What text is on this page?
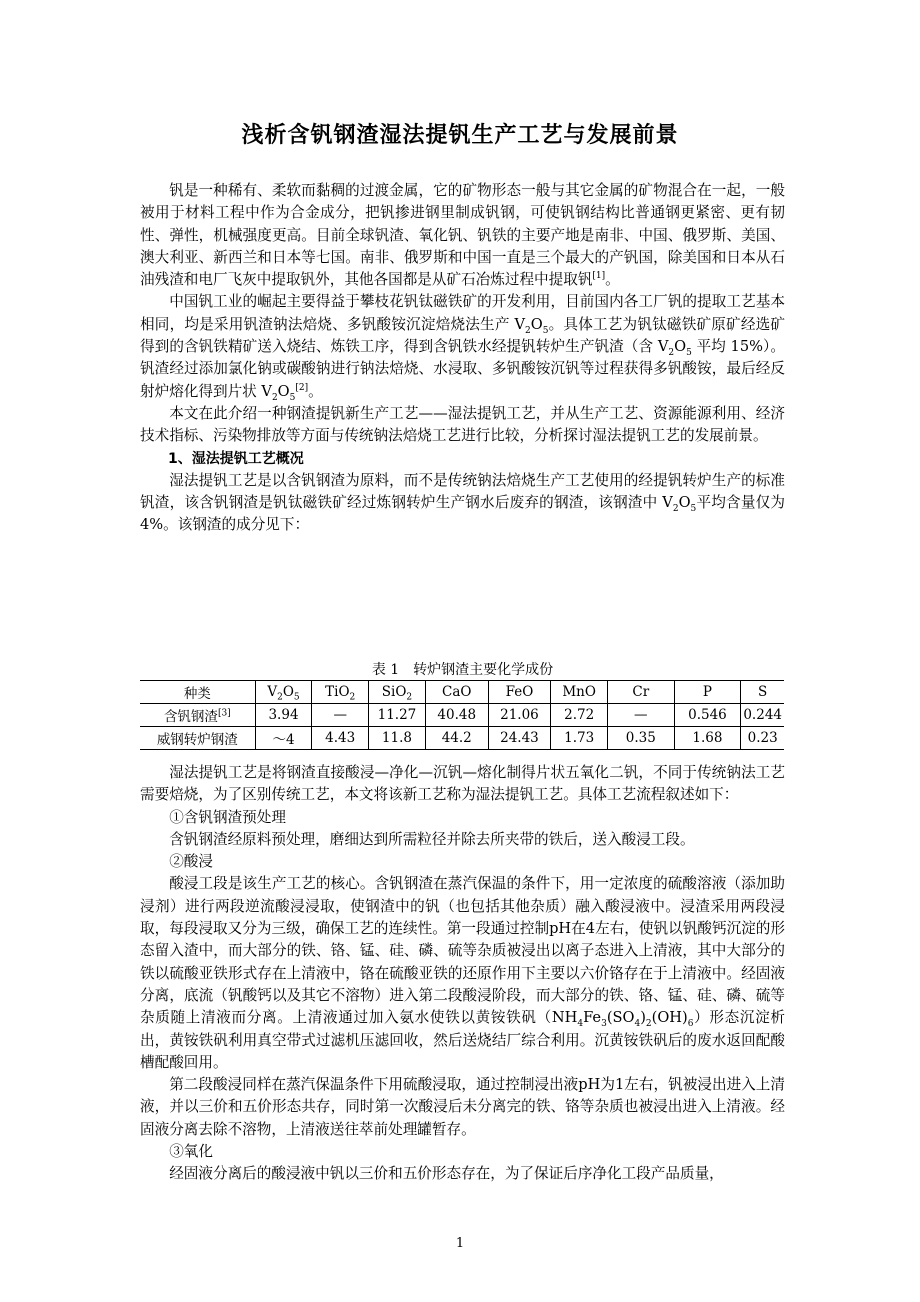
浅析含钒钢渣湿法提钒生产工艺与发展前景

钒是一种稀有、柔软而黏稠的过渡金属，它的矿物形态一般与其它金属的矿物混合在一起，一般被用于材料工程中作为合金成分，把钒掺进钢里制成钒钢，可使钒钢结构比普通钢更紧密、更有韧性、弹性，机械强度更高。目前全球钒渣、氧化钒、钒铁的主要产地是南非、中国、俄罗斯、美国、澳大利亚、新西兰和日本等七国。南非、俄罗斯和中国一直是三个最大的产钒国，除美国和日本从石油残渣和电厂飞灰中提取钒外，其他各国都是从矿石冶炼过程中提取钒[1]。

中国钒工业的崛起主要得益于攀枝花钒钛磁铁矿的开发利用，目前国内各工厂钒的提取工艺基本相同，均是采用钒渣钠法焙烧、多钒酸铵沉淀焙烧法生产 $V_2O_5$。具体工艺为钒钛磁铁矿原矿经选矿得到的含钒铁精矿送入烧结、炼铁工序，得到含钒铁水经提钒转炉生产钒渣（含 $V_2O_5$ 平均 15%）。钒渣经过添加氯化钠或碳酸钠进行钠法焙烧、水浸取、多钒酸铵沉钒等过程获得多钒酸铵，最后经反射炉熔化得到片状 $V_2O_5[2]$。

本文在此介绍一种钢渣提钒新生产工艺——湿法提钒工艺，并从生产工艺、资源能源利用、经济技术指标、污染物排放等方面与传统钠法焙烧工艺进行比较，分析探讨湿法提钒工艺的发展前景。

1、湿法提钒工艺概况

湿法提钒工艺是以含钒钢渣为原料，而不是传统钠法焙烧生产工艺使用的经提钒转炉生产的标准钒渣，该含钒钢渣是钒钛磁铁矿经过炼钢转炉生产钢水后废弃的钢渣，该钢渣中 $V_2O_5$平均含量仅为4%。该钢渣的成分见下：

表 1　转炉钢渣主要化学成份
种类	$V_2O_5$	TiO$_2$	SiO$_2$	CaO	FeO	MnO	Cr	P	S
含钒钢渣[3]	3.94	—	11.27	40.48	21.06	2.72	—	0.546	0.244
威钢转炉钢渣	～4	4.43	11.8	44.2	24.43	1.73	0.35	1.68	0.23

湿法提钒工艺是将钢渣直接酸浸—净化—沉钒—熔化制得片状五氧化二钒，不同于传统钠法工艺需要焙烧，为了区别传统工艺，本文将该新工艺称为湿法提钒工艺。具体工艺流程叙述如下：

①含钒钢渣预处理

含钒钢渣经原料预处理，磨细达到所需粒径并除去所夹带的铁后，送入酸浸工段。

②酸浸

酸浸工段是该生产工艺的核心。含钒钢渣在蒸汽保温的条件下，用一定浓度的硫酸溶液（添加助浸剂）进行两段逆流酸浸浸取，使钢渣中的钒（也包括其他杂质）融入酸浸液中。浸渣采用两段浸取，每段浸取又分为三级，确保工艺的连续性。第一段通过控制pH在4左右，使钒以钒酸钙沉淀的形态留入渣中，而大部分的铁、铬、锰、硅、磷、硫等杂质被浸出以离子态进入上清液，其中大部分的铁以硫酸亚铁形式存在上清液中，铬在硫酸亚铁的还原作用下主要以六价铬存在于上清液中。经固液分离，底流（钒酸钙以及其它不溶物）进入第二段酸浸阶段，而大部分的铁、铬、锰、硅、磷、硫等杂质随上清液而分离。上清液通过加入氨水使铁以黄铵铁矾$(NH_4Fe_3(SO_4)_2(OH)_6)$形态沉淀析出，黄铵铁矾利用真空带式过滤机压滤回收，然后送烧结厂综合利用。沉黄铵铁矾后的废水返回配酸槽配酸回用。

第二段酸浸同样在蒸汽保温条件下用硫酸浸取，通过控制浸出液pH为1左右，钒被浸出进入上清液，并以三价和五价形态共存，同时第一次酸浸后未分离完的铁、铬等杂质也被浸出进入上清液。经固液分离去除不溶物，上清液送往萃前处理罐暂存。

③氧化

经固液分离后的酸浸液中钒以三价和五价形态存在，为了保证后序净化工段产品质量，

1
